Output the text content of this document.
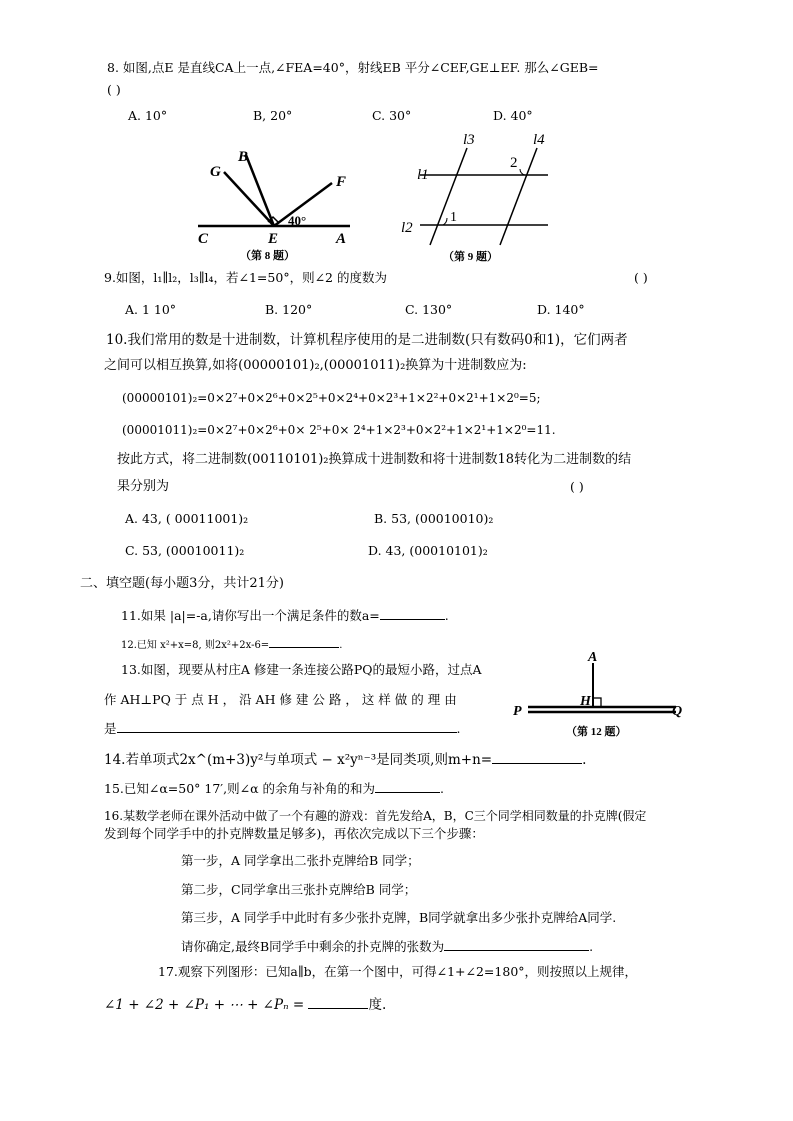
8. 如图,点E 是直线CA上一点,∠FEA=40°，射线EB 平分∠CEF,GE⊥EF. 那么∠GEB=
( )
A. 10°	B, 20°	C. 30°	D. 40°
G
B
F
40°
C	E	A
（第 8 题）
l3	l4
2
l1
1
l2
（第 9 题）
9.如图，l₁∥l₂，l₃∥l₄，若∠1=50°，则∠2 的度数为	( )
A. 1 10°	B. 120°	C. 130°	D. 140°
10.我们常用的数是十进制数，计算机程序使用的是二进制数(只有数码0和1)，它们两者
之间可以相互换算,如将(00000101)₂,(00001011)₂换算为十进制数应为:
(00000101)₂=0×2⁷+0×2⁶+0×2⁵+0×2⁴+0×2³+1×2²+0×2¹+1×2⁰=5;
(00001011)₂=0×2⁷+0×2⁶+0× 2⁵+0× 2⁴+1×2³+0×2²+1×2¹+1×2⁰=11.
按此方式，将二进制数(00110101)₂换算成十进制数和将十进制数18转化为二进制数的结
果分别为	( )
A. 43, ( 00011001)₂	B. 53, (00010010)₂
C. 53, (00010011)₂	D. 43, (00010101)₂
二、填空题(每小题3分，共计21分)
11.如果 |a|=-a,请你写出一个满足条件的数a=	.
12.已知 x²+x=8, 则2x²+2x-6=	.
13.如图，现要从村庄A 修建一条连接公路PQ的最短小路，过点A
作 AH⊥PQ 于 点 H ， 沿 AH 修 建 公 路 ， 这 样 做 的 理 由
是	.
A
H
P	Q
（第 12 题）
14.若单项式2x^(m+3)y²与单项式 − x²yⁿ⁻³是同类项,则m+n=	.
15.已知∠α=50° 17′,则∠α 的余角与补角的和为	.
16.某数学老师在课外活动中做了一个有趣的游戏：首先发给A，B，C三个同学相同数量的扑克牌(假定
发到每个同学手中的扑克牌数量足够多)，再依次完成以下三个步骤：
第一步，A 同学拿出二张扑克牌给B 同学；
第二步，C同学拿出三张扑克牌给B 同学；
第三步，A 同学手中此时有多少张扑克牌，B同学就拿出多少张扑克牌给A同学.
请你确定,最终B同学手中剩余的扑克牌的张数为	.
17.观察下列图形：已知a∥b，在第一个图中，可得∠1+∠2=180°，则按照以上规律，
∠1 + ∠2 + ∠P₁ + ⋯ + ∠Pₙ =	度.
